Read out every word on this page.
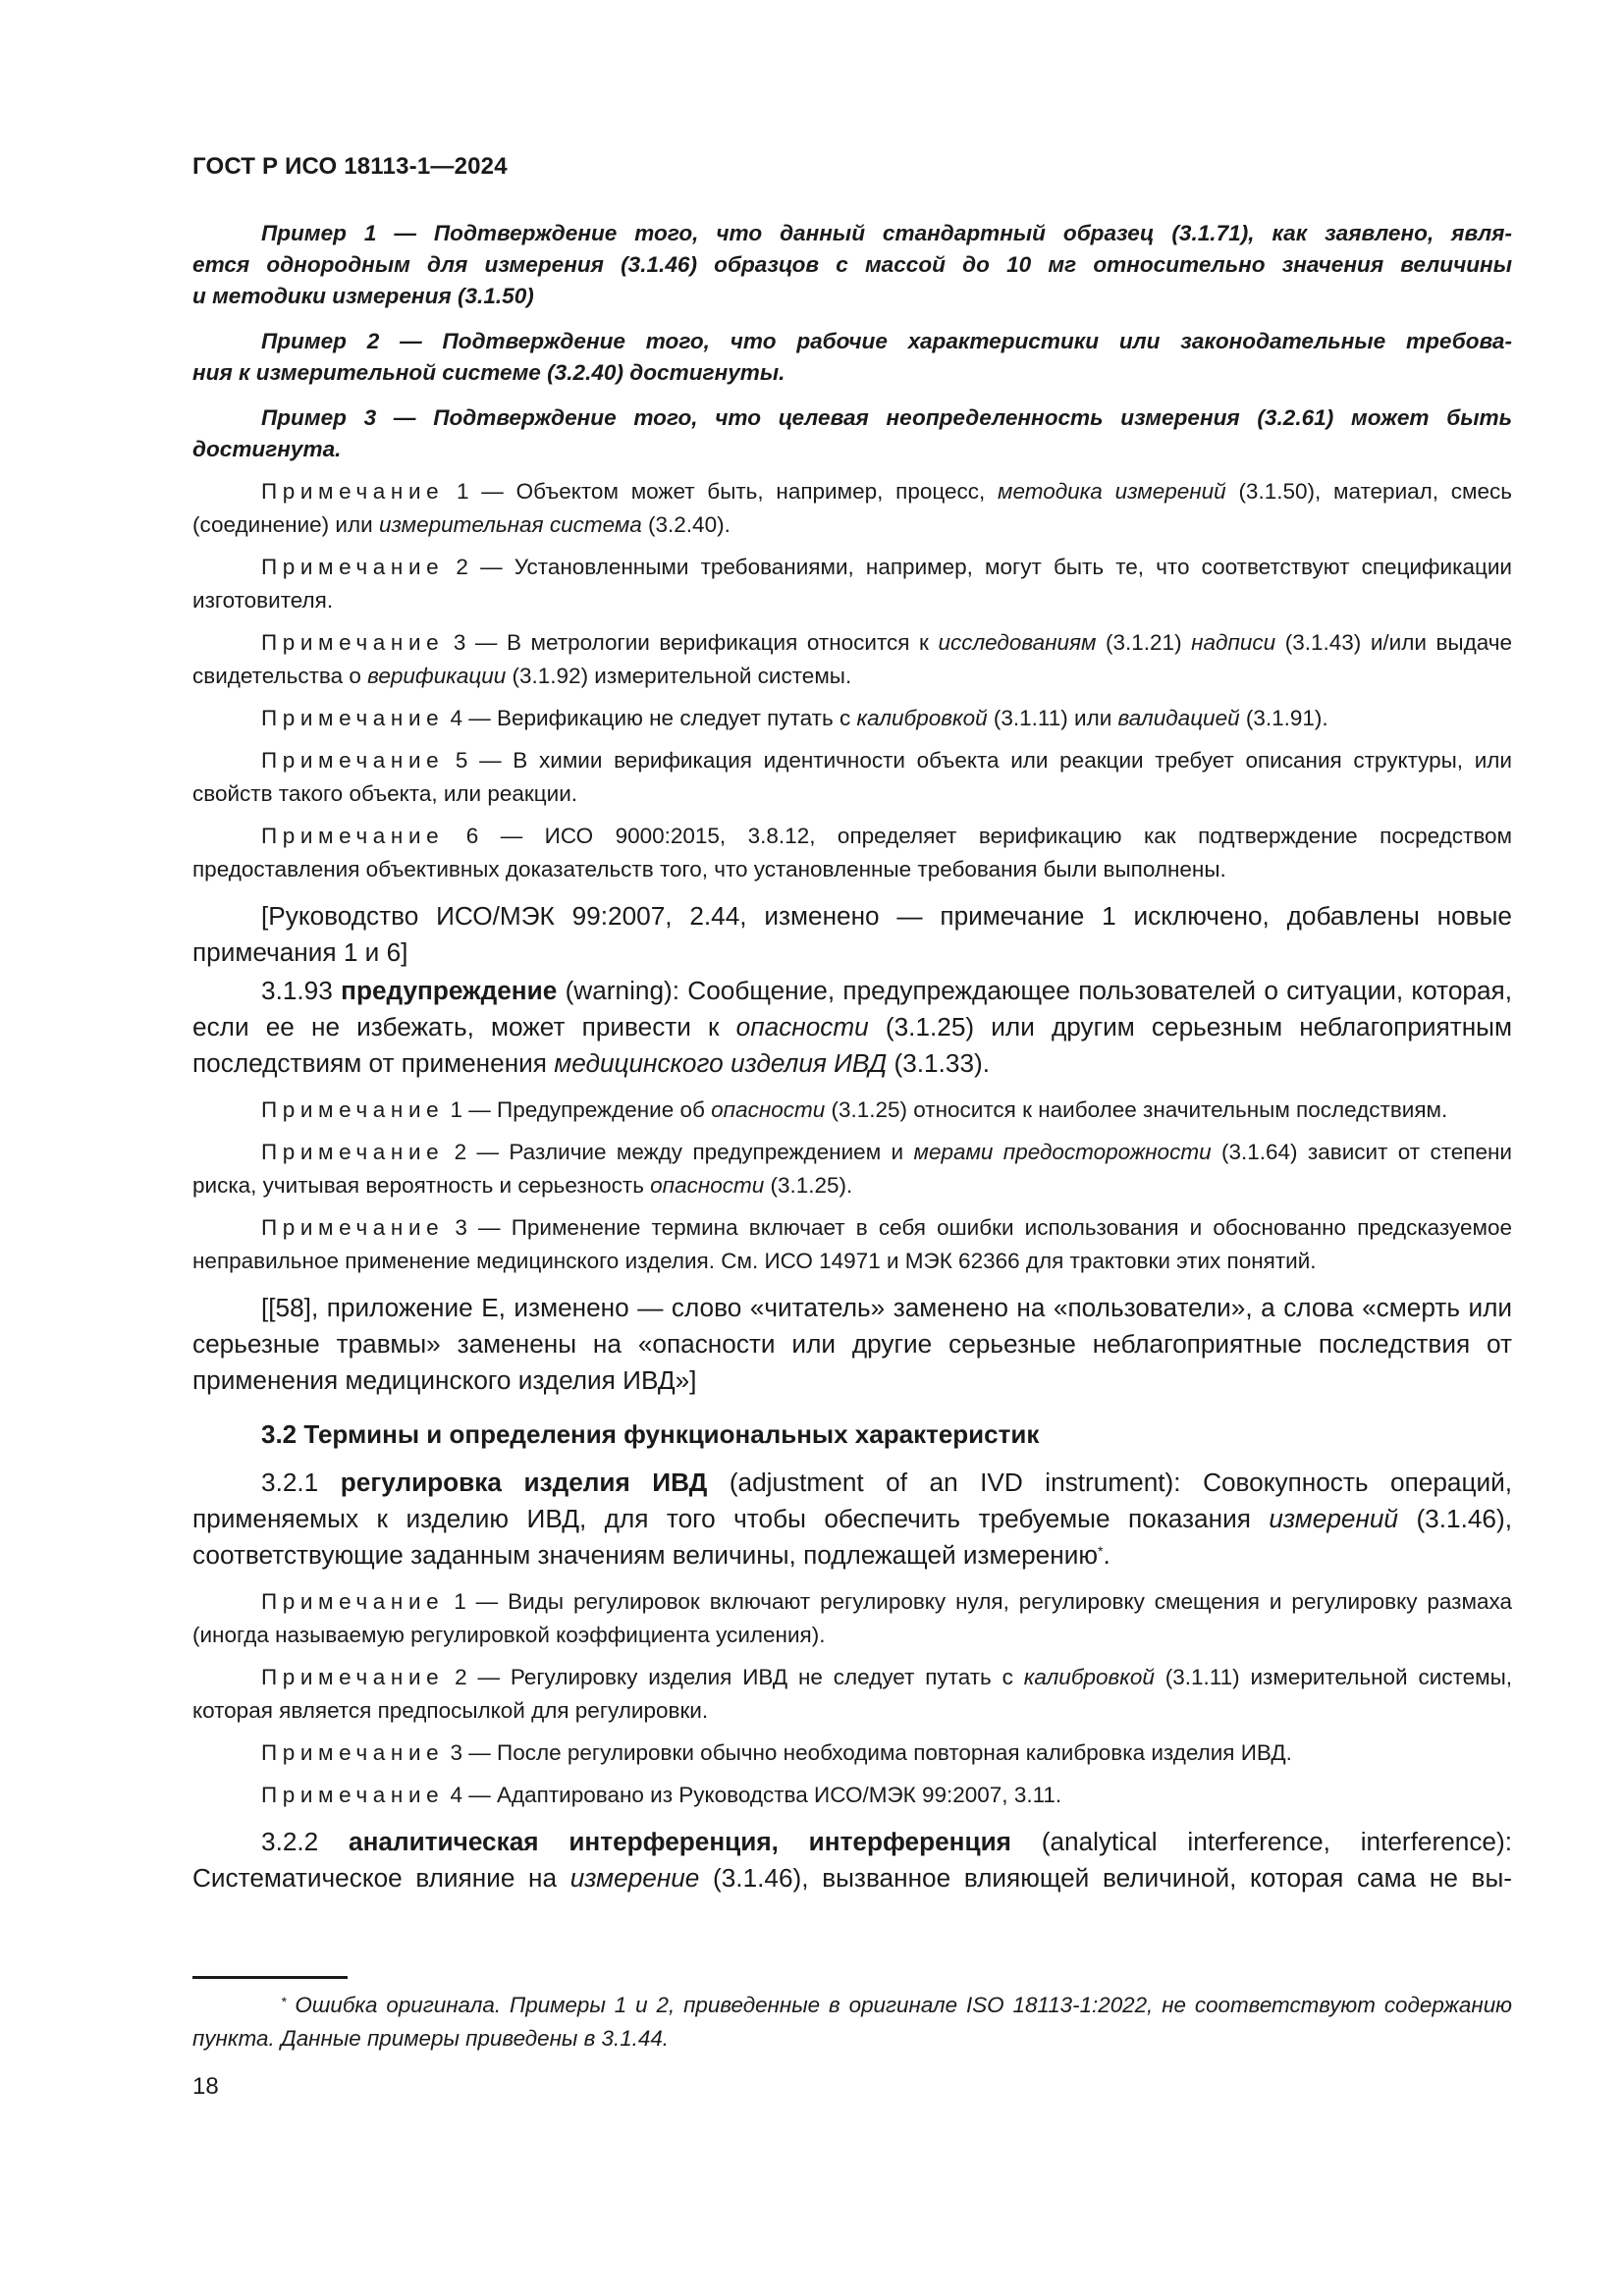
ГОСТ Р ИСО 18113-1—2024

Пример 1 — Подтверждение того, что данный стандартный образец (3.1.71), как заявлено, явля-

ется однородным для измерения (3.1.46) образцов с массой до 10 мг относительно значения величины

и методики измерения (3.1.50)

Пример 2 — Подтверждение того, что рабочие характеристики или законодательные требова-

ния к измерительной системе (3.2.40) достигнуты.

Пример 3 — Подтверждение того, что целевая неопределенность измерения (3.2.61) может быть

достигнута.

Примечание 1 — Объектом может быть, например, процесс, методика измерений (3.1.50), материал, смесь (соединение) или измерительная система (3.2.40).

Примечание 2 — Установленными требованиями, например, могут быть те, что соответствуют спецификации изготовителя.

Примечание 3 — В метрологии верификация относится к исследованиям (3.1.21) надписи (3.1.43) и/или выдаче свидетельства о верификации (3.1.92) измерительной системы.

Примечание 4 — Верификацию не следует путать с калибровкой (3.1.11) или валидацией (3.1.91).

Примечание 5 — В химии верификация идентичности объекта или реакции требует описания структуры, или свойств такого объекта, или реакции.

Примечание 6 — ИСО 9000:2015, 3.8.12, определяет верификацию как подтверждение посредством предоставления объективных доказательств того, что установленные требования были выполнены.

[Руководство ИСО/МЭК 99:2007, 2.44, изменено — примечание 1 исключено, добавлены новые примечания 1 и 6]

3.1.93 предупреждение (warning): Сообщение, предупреждающее пользователей о ситуации, которая, если ее не избежать, может привести к опасности (3.1.25) или другим серьезным неблагоприятным последствиям от применения медицинского изделия ИВД (3.1.33).

Примечание 1 — Предупреждение об опасности (3.1.25) относится к наиболее значительным последствиям.

Примечание 2 — Различие между предупреждением и мерами предосторожности (3.1.64) зависит от степени риска, учитывая вероятность и серьезность опасности (3.1.25).

Примечание 3 — Применение термина включает в себя ошибки использования и обоснованно предсказуемое неправильное применение медицинского изделия. См. ИСО 14971 и МЭК 62366 для трактовки этих понятий.

[[58], приложение Е, изменено — слово «читатель» заменено на «пользователи», а слова «смерть или серьезные травмы» заменены на «опасности или другие серьезные неблагоприятные последствия от применения медицинского изделия ИВД»]

3.2 Термины и определения функциональных характеристик

3.2.1 регулировка изделия ИВД (adjustment of an IVD instrument): Совокупность операций, применяемых к изделию ИВД, для того чтобы обеспечить требуемые показания измерений (3.1.46), соответствующие заданным значениям величины, подлежащей измерению*.

Примечание 1 — Виды регулировок включают регулировку нуля, регулировку смещения и регулировку размаха (иногда называемую регулировкой коэффициента усиления).

Примечание 2 — Регулировку изделия ИВД не следует путать с калибровкой (3.1.11) измерительной системы, которая является предпосылкой для регулировки.

Примечание 3 — После регулировки обычно необходима повторная калибровка изделия ИВД.

Примечание 4 — Адаптировано из Руководства ИСО/МЭК 99:2007, 3.11.

3.2.2 аналитическая интерференция, интерференция (analytical interference, interference): Систематическое влияние на измерение (3.1.46), вызванное влияющей величиной, которая сама не вы-

* Ошибка оригинала. Примеры 1 и 2, приведенные в оригинале ISO 18113-1:2022, не соответствуют содержанию пункта. Данные примеры приведены в 3.1.44.

18
